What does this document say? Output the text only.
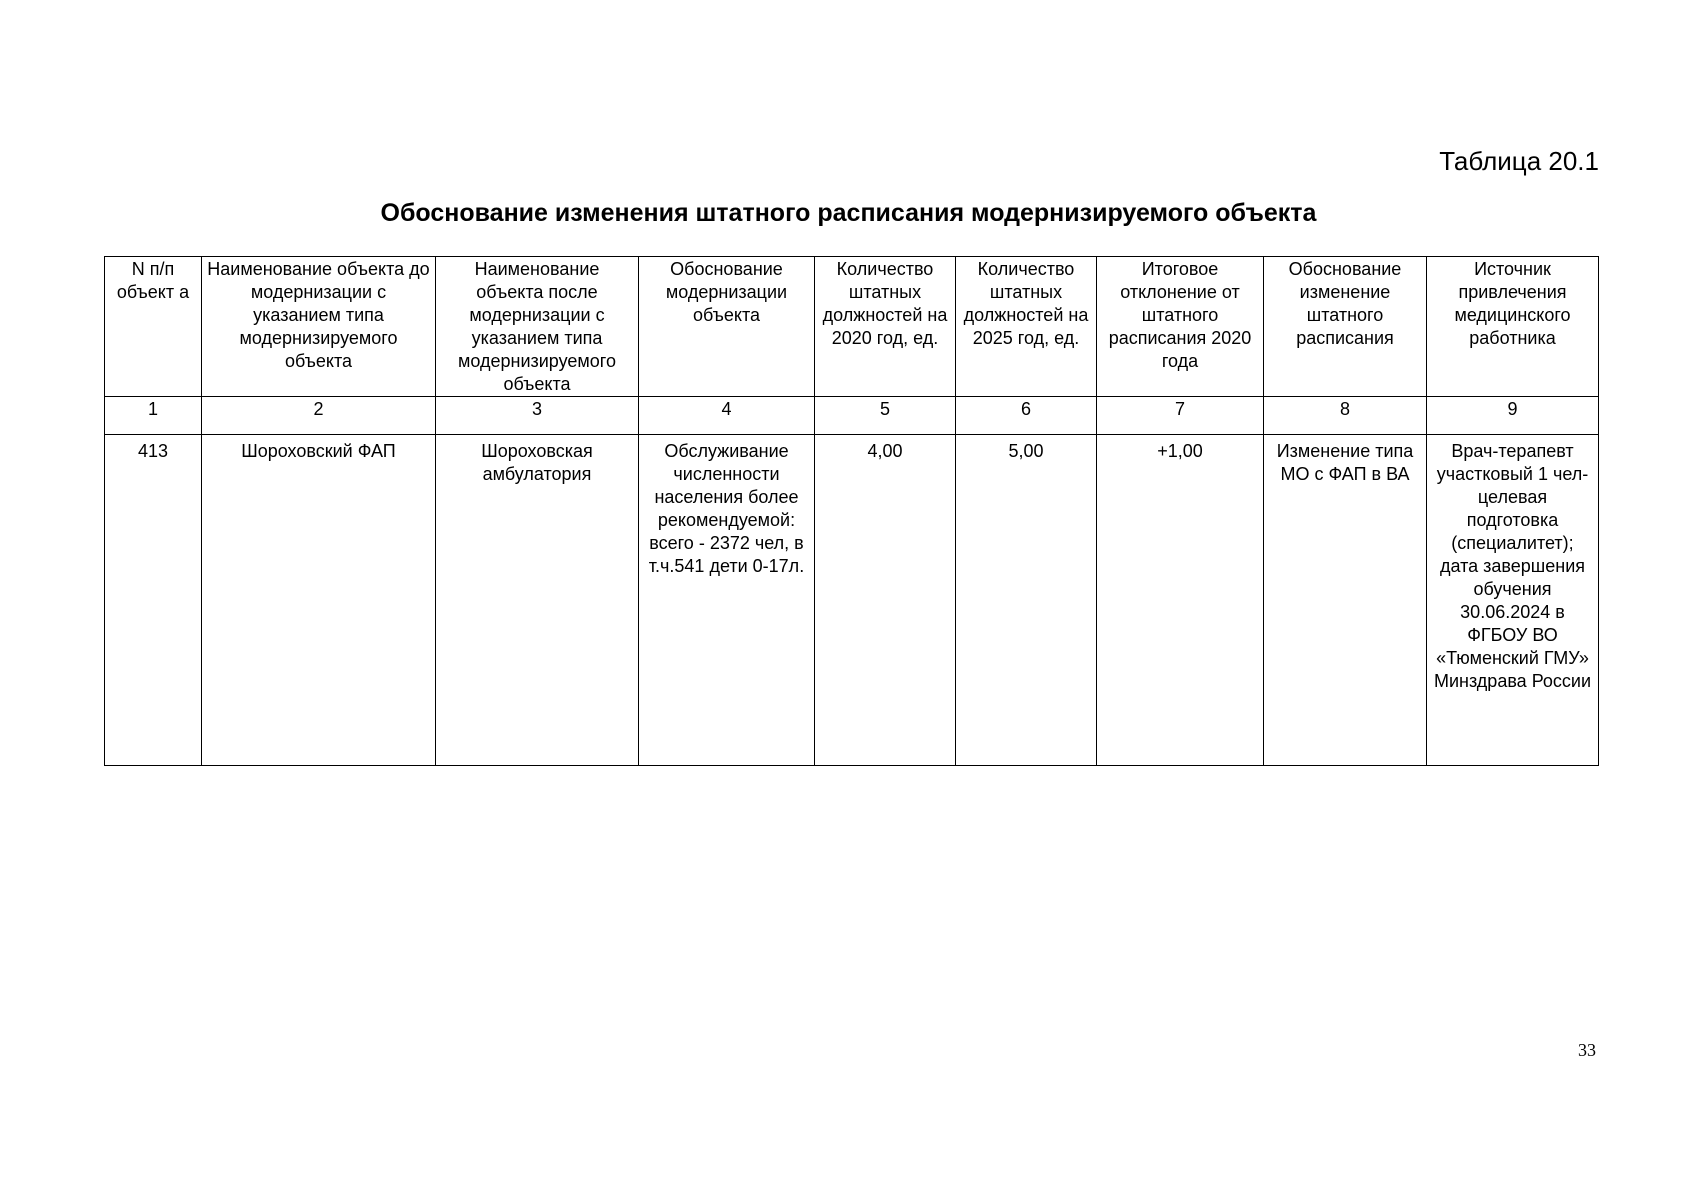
Таблица 20.1
Обоснование изменения штатного расписания модернизируемого объекта
N п/п объект а	Наименование объекта до модернизации с указанием типа модернизируемого объекта	Наименование объекта после модернизации с указанием типа модернизируемого объекта	Обоснование модернизации объекта	Количество штатных должностей на 2020 год, ед.	Количество штатных должностей на 2025 год, ед.	Итоговое отклонение от штатного расписания 2020 года	Обоснование изменение штатного расписания	Источник привлечения медицинского работника
1	2	3	4	5	6	7	8	9
413	Шороховский ФАП	Шороховская амбулатория	Обслуживание численности населения более рекомендуемой: всего - 2372 чел, в т.ч.541 дети 0-17л.	4,00	5,00	+1,00	Изменение типа МО с ФАП в ВА	Врач-терапевт участковый 1 чел- целевая подготовка (специалитет); дата завершения обучения 30.06.2024 в ФГБОУ ВО «Тюменский ГМУ» Минздрава России
33
